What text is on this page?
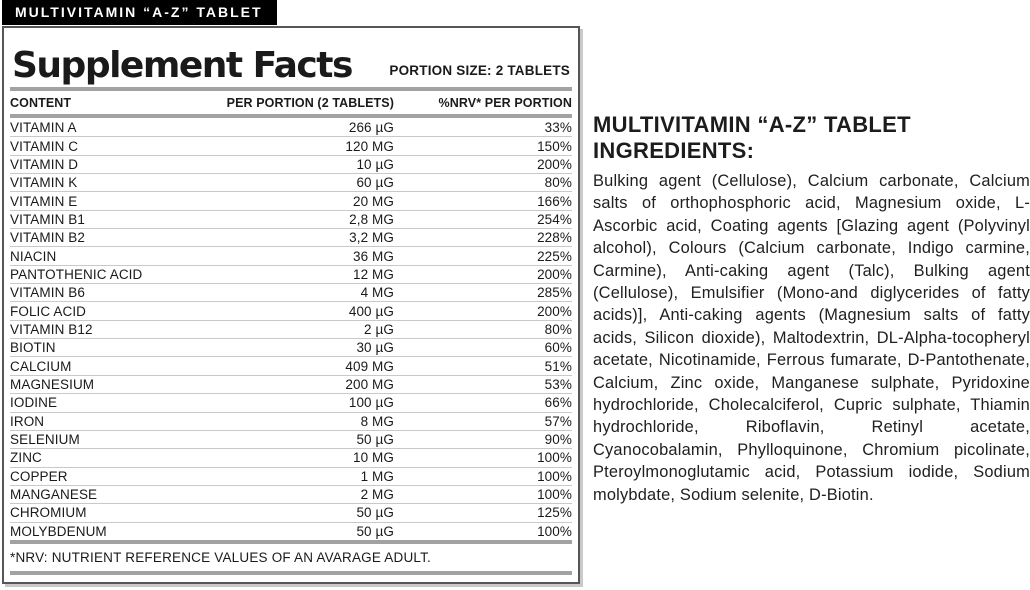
MULTIVITAMIN “A-Z” TABLET
Supplement Facts	PORTION SIZE: 2 TABLETS
CONTENT	PER PORTION (2 TABLETS)	%NRV* PER PORTION
VITAMIN A	266 µG	33%
VITAMIN C	120 MG	150%
VITAMIN D	10 µG	200%
VITAMIN K	60 µG	80%
VITAMIN E	20 MG	166%
VITAMIN B1	2,8 MG	254%
VITAMIN B2	3,2 MG	228%
NIACIN	36 MG	225%
PANTOTHENIC ACID	12 MG	200%
VITAMIN B6	4 MG	285%
FOLIC ACID	400 µG	200%
VITAMIN B12	2 µG	80%
BIOTIN	30 µG	60%
CALCIUM	409 MG	51%
MAGNESIUM	200 MG	53%
IODINE	100 µG	66%
IRON	8 MG	57%
SELENIUM	50 µG	90%
ZINC	10 MG	100%
COPPER	1 MG	100%
MANGANESE	2 MG	100%
CHROMIUM	50 µG	125%
MOLYBDENUM	50 µG	100%
*NRV: NUTRIENT REFERENCE VALUES OF AN AVARAGE ADULT.
MULTIVITAMIN “A-Z” TABLET INGREDIENTS:
Bulking agent (Cellulose), Calcium carbonate, Calcium salts of orthophosphoric acid, Magnesium oxide, L-Ascorbic acid, Coating agents [Glazing agent (Polyvinyl alcohol), Colours (Calcium carbonate, Indigo carmine, Carmine), Anti-caking agent (Talc), Bulking agent (Cellulose), Emulsifier (Mono-and diglycerides of fatty acids)], Anti-caking agents (Magnesium salts of fatty acids, Silicon dioxide), Maltodextrin, DL-Alpha-tocopheryl acetate, Nicotinamide, Ferrous fumarate, D-Pantothenate, Calcium, Zinc oxide, Manganese sulphate, Pyridoxine hydrochloride, Cholecalciferol, Cupric sulphate, Thiamin hydrochloride, Riboflavin, Retinyl acetate, Cyanocobalamin, Phylloquinone, Chromium picolinate, Pteroylmonoglutamic acid, Potassium iodide, Sodium molybdate, Sodium selenite, D-Biotin.
